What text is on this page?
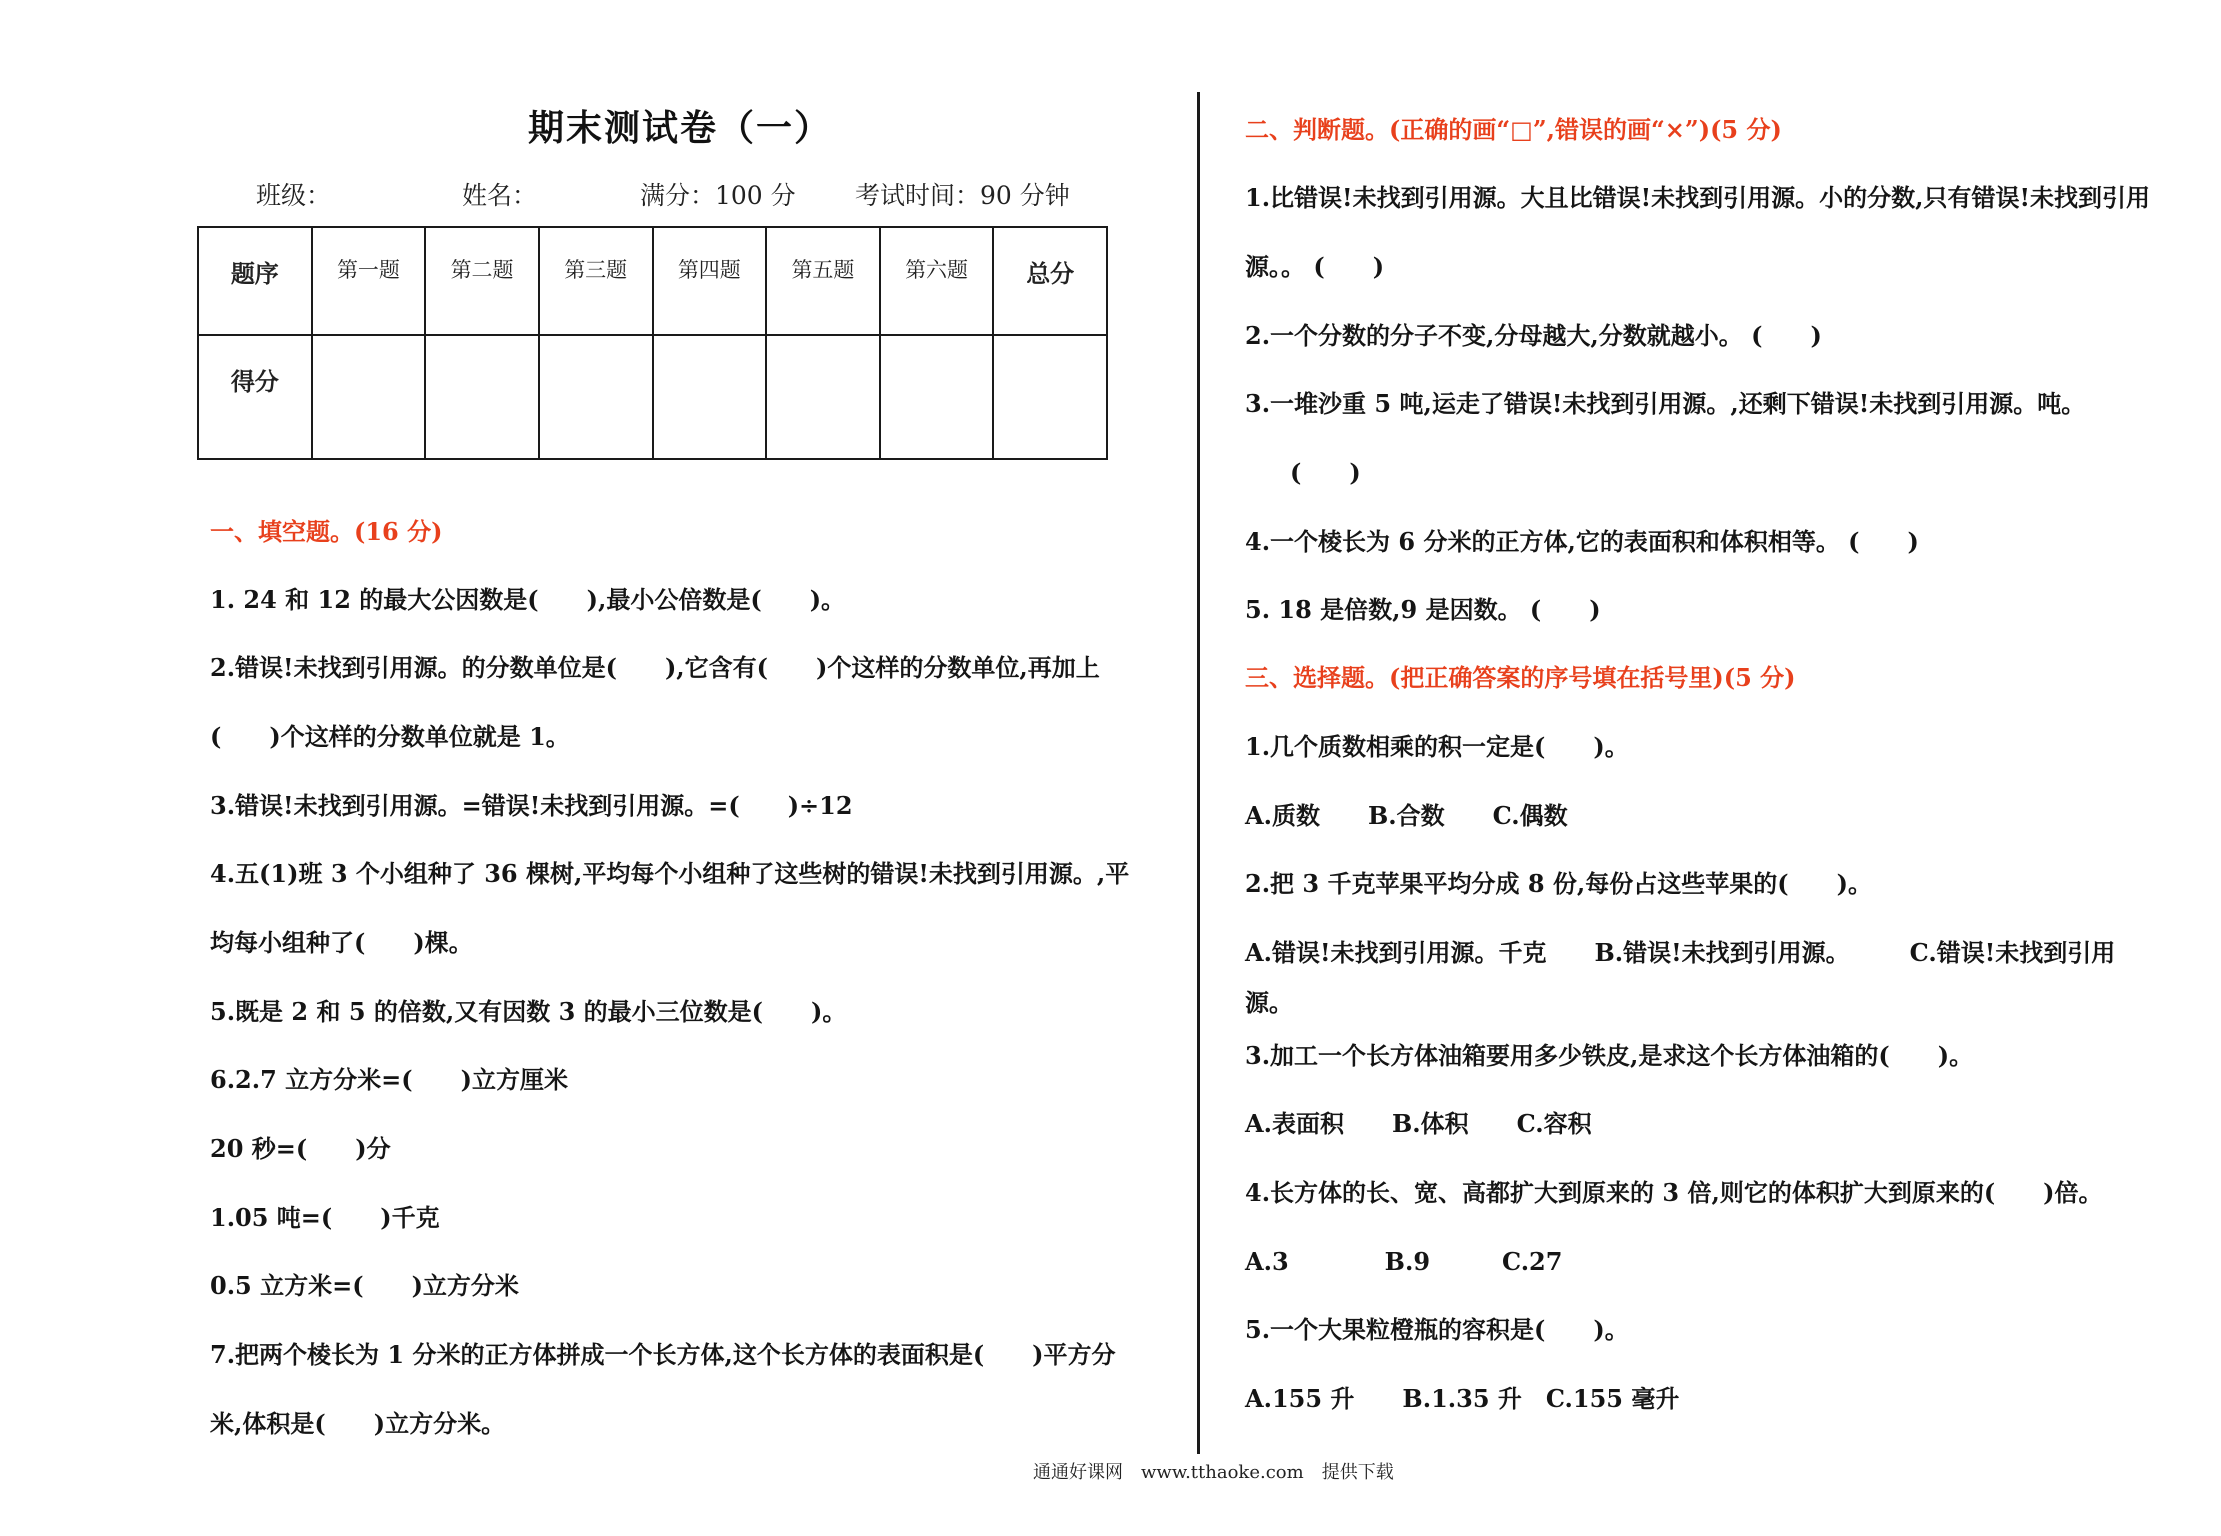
期末测试卷（一）
班级：	姓名：	满分：100 分 考试时间：90 分钟
题序	第一题	第二题	第三题	第四题	第五题	第六题	总分
得分							
一、填空题。(16 分)
1. 24 和 12 的最大公因数是(　　),最小公倍数是(　　)。
2.错误!未找到引用源。的分数单位是(　　),它含有(　　)个这样的分数单位,再加上
(　　)个这样的分数单位就是 1。
3.错误!未找到引用源。=错误!未找到引用源。=(　　)÷12
4.五(1)班 3 个小组种了 36 棵树,平均每个小组种了这些树的错误!未找到引用源。,平
均每小组种了(　　)棵。
5.既是 2 和 5 的倍数,又有因数 3 的最小三位数是(　　)。
6.2.7 立方分米=(　　)立方厘米
20 秒=(　　)分
1.05 吨=(　　)千克
0.5 立方米=(　　)立方分米
7.把两个棱长为 1 分米的正方体拼成一个长方体,这个长方体的表面积是(　　)平方分
米,体积是(　　)立方分米。
二、判断题。(正确的画“□”,错误的画“×”)(5 分)
1.比错误!未找到引用源。大且比错误!未找到引用源。小的分数,只有错误!未找到引用
源。。 (　　)
2.一个分数的分子不变,分母越大,分数就越小。 (　　)
3.一堆沙重 5 吨,运走了错误!未找到引用源。,还剩下错误!未找到引用源。吨。
(　　)
4.一个棱长为 6 分米的正方体,它的表面积和体积相等。 (　　)
5. 18 是倍数,9 是因数。 (　　)
三、选择题。(把正确答案的序号填在括号里)(5 分)
1.几个质数相乘的积一定是(　　)。
A.质数　　B.合数　　C.偶数
2.把 3 千克苹果平均分成 8 份,每份占这些苹果的(　　)。
A.错误!未找到引用源。千克　　B.错误!未找到引用源。　　　C.错误!未找到引用
源。
3.加工一个长方体油箱要用多少铁皮,是求这个长方体油箱的(　　)。
A.表面积　　B.体积　　C.容积
4.长方体的长、宽、高都扩大到原来的 3 倍,则它的体积扩大到原来的(　　)倍。
A.3　　　　B.9　　　C.27
5.一个大果粒橙瓶的容积是(　　)。
A.155 升　　B.1.35 升　C.155 毫升
通通好课网　www.tthaoke.com　提供下载
